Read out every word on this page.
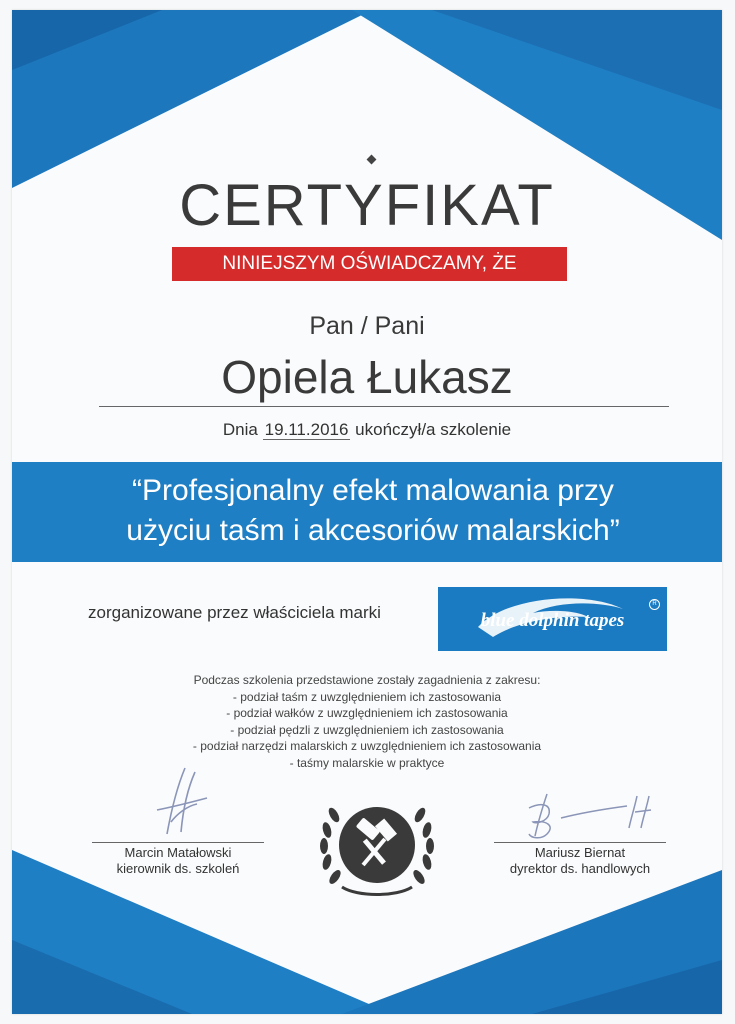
CERTYFIKAT
NINIEJSZYM OŚWIADCZAMY, ŻE
Pan / Pani
Opiela Łukasz
Dnia 19.11.2016 ukończył/a szkolenie
“Profesjonalny efekt malowania przy
użyciu taśm i akcesoriów malarskich”
zorganizowane przez właściciela marki	blue dolphin tapes
R
Podczas szkolenia przedstawione zostały zagadnienia z zakresu:
- podział taśm z uwzględnieniem ich zastosowania
- podział wałków z uwzględnieniem ich zastosowania
- podział pędzli z uwzględnieniem ich zastosowania
- podział narzędzi malarskich z uwzględnieniem ich zastosowania
- taśmy malarskie w praktyce
Marcin Matałowski
kierownik ds. szkoleń
Mariusz Biernat
dyrektor ds. handlowych
